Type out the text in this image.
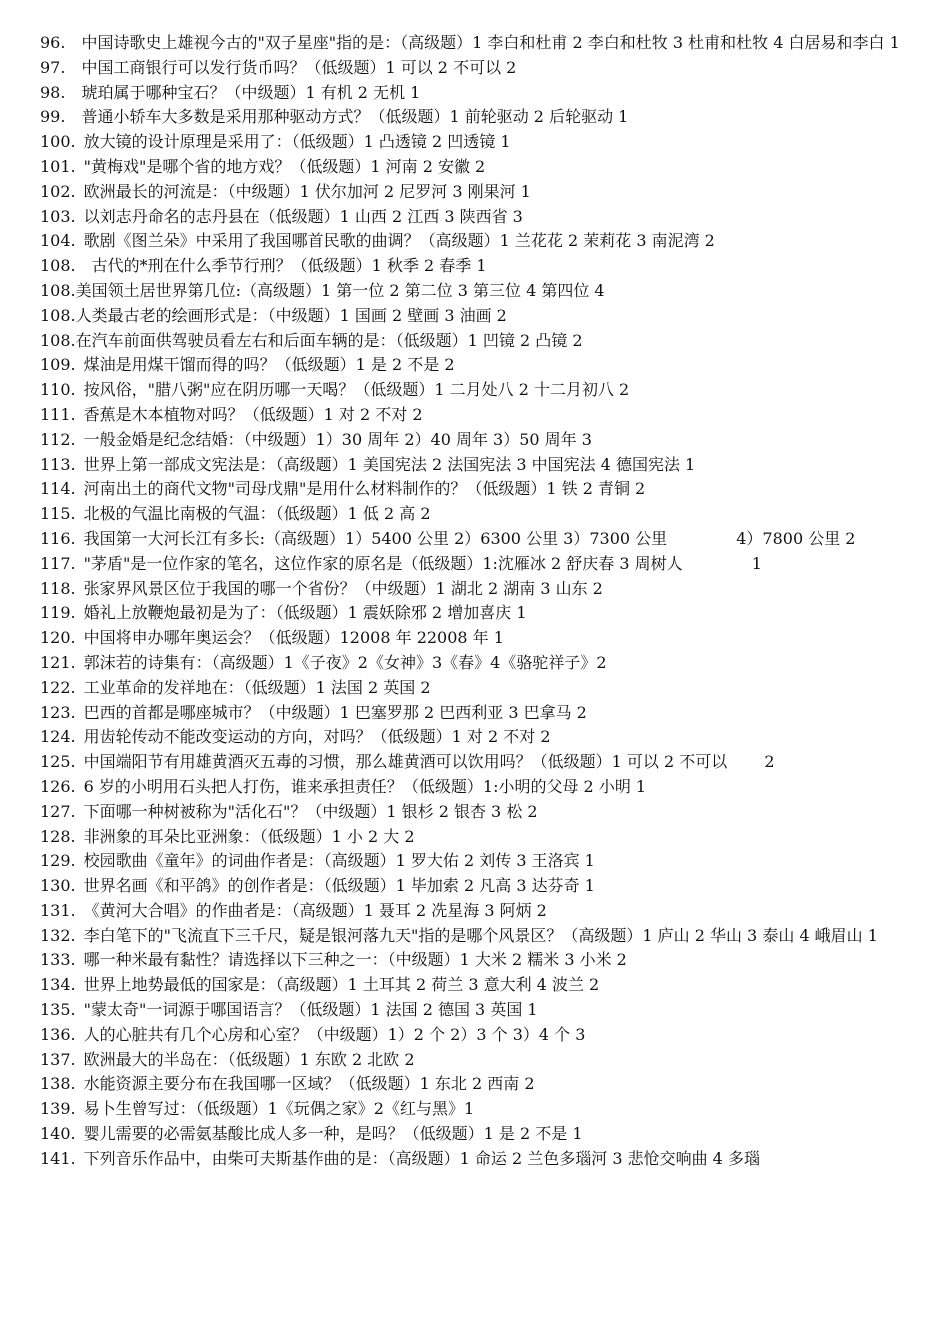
96. 中国诗歌史上雄视今古的"双子星座"指的是：（高级题）1 李白和杜甫 2 李白和杜牧 3 杜甫和杜牧 4 白居易和李白 1

97. 中国工商银行可以发行货币吗？（低级题）1 可以 2 不可以 2

98. 琥珀属于哪种宝石？（中级题）1 有机 2 无机 1

99. 普通小轿车大多数是采用那种驱动方式？（低级题）1 前轮驱动 2 后轮驱动 1

100. 放大镜的设计原理是采用了：（低级题）1 凸透镜 2 凹透镜 1

101. "黄梅戏"是哪个省的地方戏？（低级题）1 河南 2 安徽 2

102. 欧洲最长的河流是：（中级题）1 伏尔加河 2 尼罗河 3 刚果河 1

103. 以刘志丹命名的志丹县在（低级题）1 山西 2 江西 3 陕西省 3

104. 歌剧《图兰朵》中采用了我国哪首民歌的曲调？（高级题）1 兰花花 2 茉莉花 3 南泥湾 2

108. 古代的*刑在什么季节行刑？（低级题）1 秋季 2 春季 1

108.美国领土居世界第几位:（高级题）1 第一位 2 第二位 3 第三位 4 第四位 4

108.人类最古老的绘画形式是：（中级题）1 国画 2 壁画 3 油画 2

108.在汽车前面供驾驶员看左右和后面车辆的是：（低级题）1 凹镜 2 凸镜 2

109. 煤油是用煤干馏而得的吗？（低级题）1 是 2 不是 2

110. 按风俗，"腊八粥"应在阴历哪一天喝？（低级题）1 二月处八 2 十二月初八 2

111. 香蕉是木本植物对吗？（低级题）1 对 2 不对 2

112. 一般金婚是纪念结婚：（中级题）1）30 周年 2）40 周年 3）50 周年 3

113. 世界上第一部成文宪法是：（高级题）1 美国宪法 2 法国宪法 3 中国宪法 4 德国宪法 1

114. 河南出土的商代文物"司母戊鼎"是用什么材料制作的？（低级题）1 铁 2 青铜 2

115. 北极的气温比南极的气温：（低级题）1 低 2 高 2

116. 我国第一大河长江有多长:（高级题）1）5400 公里 2）6300 公里 3）7300 公里　　　　 4）7800 公里 2

117. "茅盾"是一位作家的笔名，这位作家的原名是（低级题）1:沈雁冰 2 舒庆春 3 周树人　　　　 1

118. 张家界风景区位于我国的哪一个省份？（中级题）1 湖北 2 湖南 3 山东 2

119. 婚礼上放鞭炮最初是为了：（低级题）1 震妖除邪 2 增加喜庆 1

120. 中国将申办哪年奥运会？（低级题）12008 年 22008 年 1

121. 郭沫若的诗集有：（高级题）1《子夜》2《女神》3《春》4《骆驼祥子》2

122. 工业革命的发祥地在：（低级题）1 法国 2 英国 2

123. 巴西的首都是哪座城市？（中级题）1 巴塞罗那 2 巴西利亚 3 巴拿马 2

124. 用齿轮传动不能改变运动的方向，对吗？（低级题）1 对 2 不对 2

125. 中国端阳节有用雄黄酒灭五毒的习惯，那么雄黄酒可以饮用吗？（低级题）1 可以 2 不可以　　 2

126. 6 岁的小明用石头把人打伤，谁来承担责任？（低级题）1:小明的父母 2 小明 1

127. 下面哪一种树被称为"活化石"？（中级题）1 银杉 2 银杏 3 松 2

128. 非洲象的耳朵比亚洲象：（低级题）1 小 2 大 2

129. 校园歌曲《童年》的词曲作者是：（高级题）1 罗大佑 2 刘传 3 王洛宾 1

130. 世界名画《和平鸽》的创作者是：（低级题）1 毕加索 2 凡高 3 达芬奇 1

131. 《黄河大合唱》的作曲者是：（高级题）1 聂耳 2 冼星海 3 阿炳 2

132. 李白笔下的"飞流直下三千尺，疑是银河落九天"指的是哪个风景区？（高级题）1 庐山 2 华山 3 泰山 4 峨眉山 1

133. 哪一种米最有黏性？请选择以下三种之一：（中级题）1 大米 2 糯米 3 小米 2

134. 世界上地势最低的国家是：（高级题）1 土耳其 2 荷兰 3 意大利 4 波兰 2

135. "蒙太奇"一词源于哪国语言？（低级题）1 法国 2 德国 3 英国 1

136. 人的心脏共有几个心房和心室？（中级题）1）2 个 2）3 个 3）4 个 3

137. 欧洲最大的半岛在：（低级题）1 东欧 2 北欧 2

138. 水能资源主要分布在我国哪一区域？（低级题）1 东北 2 西南 2

139. 易卜生曾写过：（低级题）1《玩偶之家》2《红与黑》1

140. 婴儿需要的必需氨基酸比成人多一种，是吗？（低级题）1 是 2 不是 1

141. 下列音乐作品中，由柴可夫斯基作曲的是：（高级题）1 命运 2 兰色多瑙河 3 悲怆交响曲 4 多瑙
